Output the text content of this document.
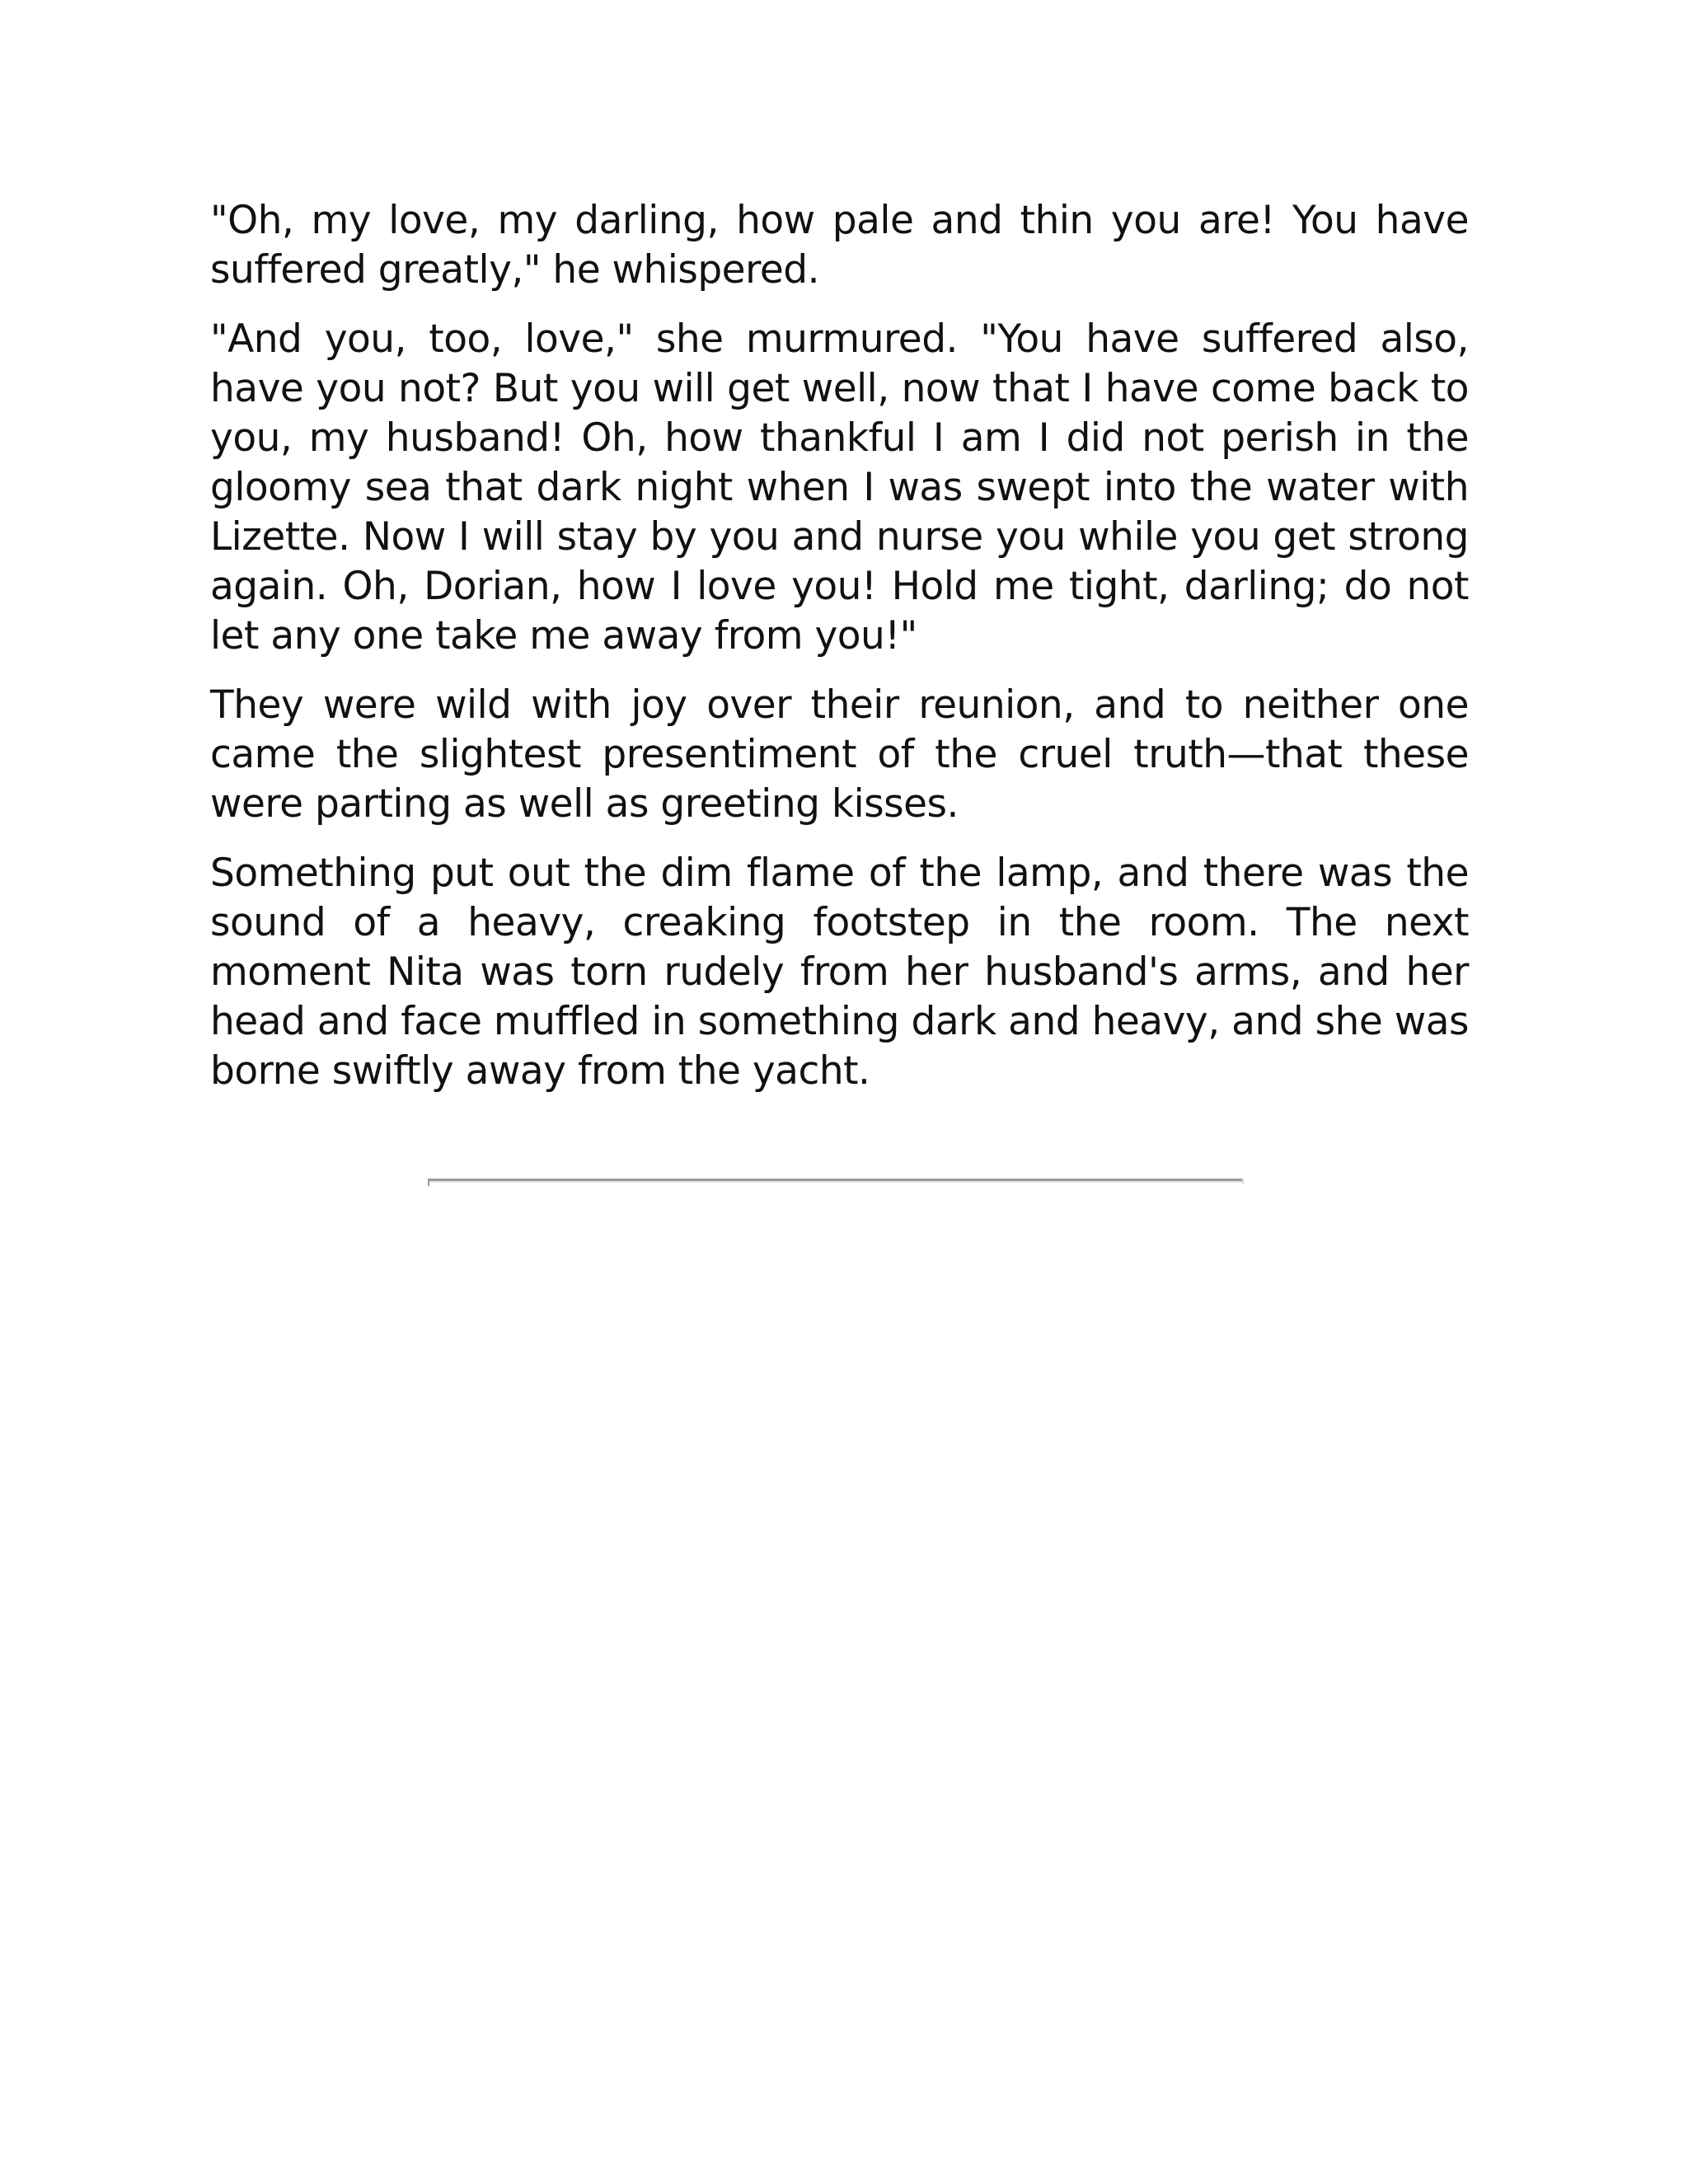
"Oh, my love, my darling, how pale and thin you are! You have suffered greatly," he whispered.

"And you, too, love," she murmured. "You have suffered also, have you not? But you will get well, now that I have come back to you, my husband! Oh, how thankful I am I did not perish in the gloomy sea that dark night when I was swept into the water with Lizette. Now I will stay by you and nurse you while you get strong again. Oh, Dorian, how I love you! Hold me tight, darling; do not let any one take me away from you!"

They were wild with joy over their reunion, and to neither one came the slightest presentiment of the cruel truth—that these were parting as well as greeting kisses.

Something put out the dim flame of the lamp, and there was the sound of a heavy, creaking footstep in the room. The next moment Nita was torn rudely from her husband's arms, and her head and face muffled in something dark and heavy, and she was borne swiftly away from the yacht.
